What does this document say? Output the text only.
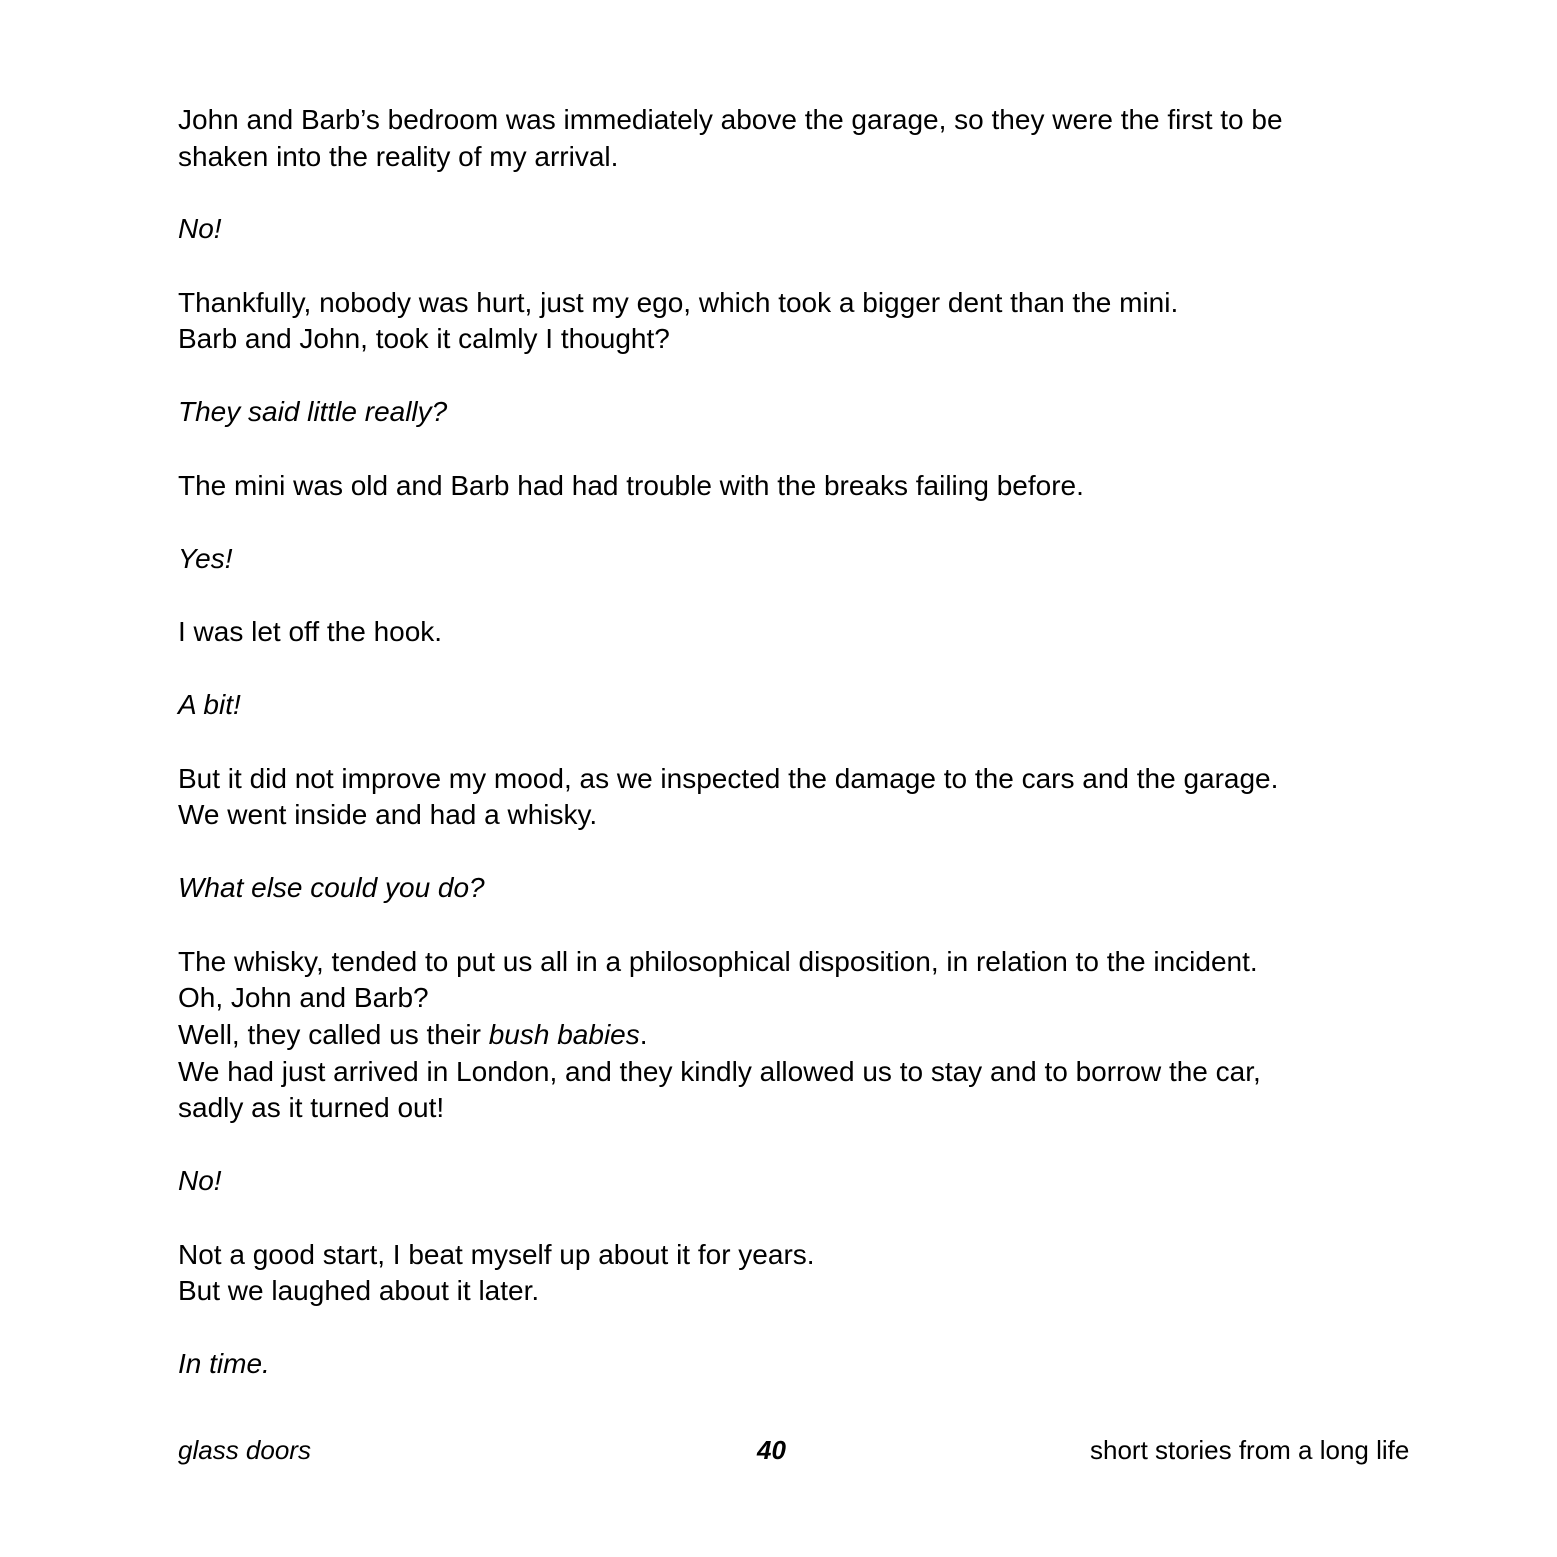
John and Barb’s bedroom was immediately above the garage, so they were the first to be
shaken into the reality of my arrival.
No!
Thankfully, nobody was hurt, just my ego, which took a bigger dent than the mini.
Barb and John, took it calmly I thought?
They said little really?
The mini was old and Barb had had trouble with the breaks failing before.
Yes!
I was let off the hook.
A bit!
But it did not improve my mood, as we inspected the damage to the cars and the garage.
We went inside and had a whisky.
What else could you do?
The whisky, tended to put us all in a philosophical disposition, in relation to the incident.
Oh, John and Barb?
Well, they called us their bush babies.
We had just arrived in London, and they kindly allowed us to stay and to borrow the car,
sadly as it turned out!
No!
Not a good start, I beat myself up about it for years.
But we laughed about it later.
In time.
glass doors	40	short stories from a long life
